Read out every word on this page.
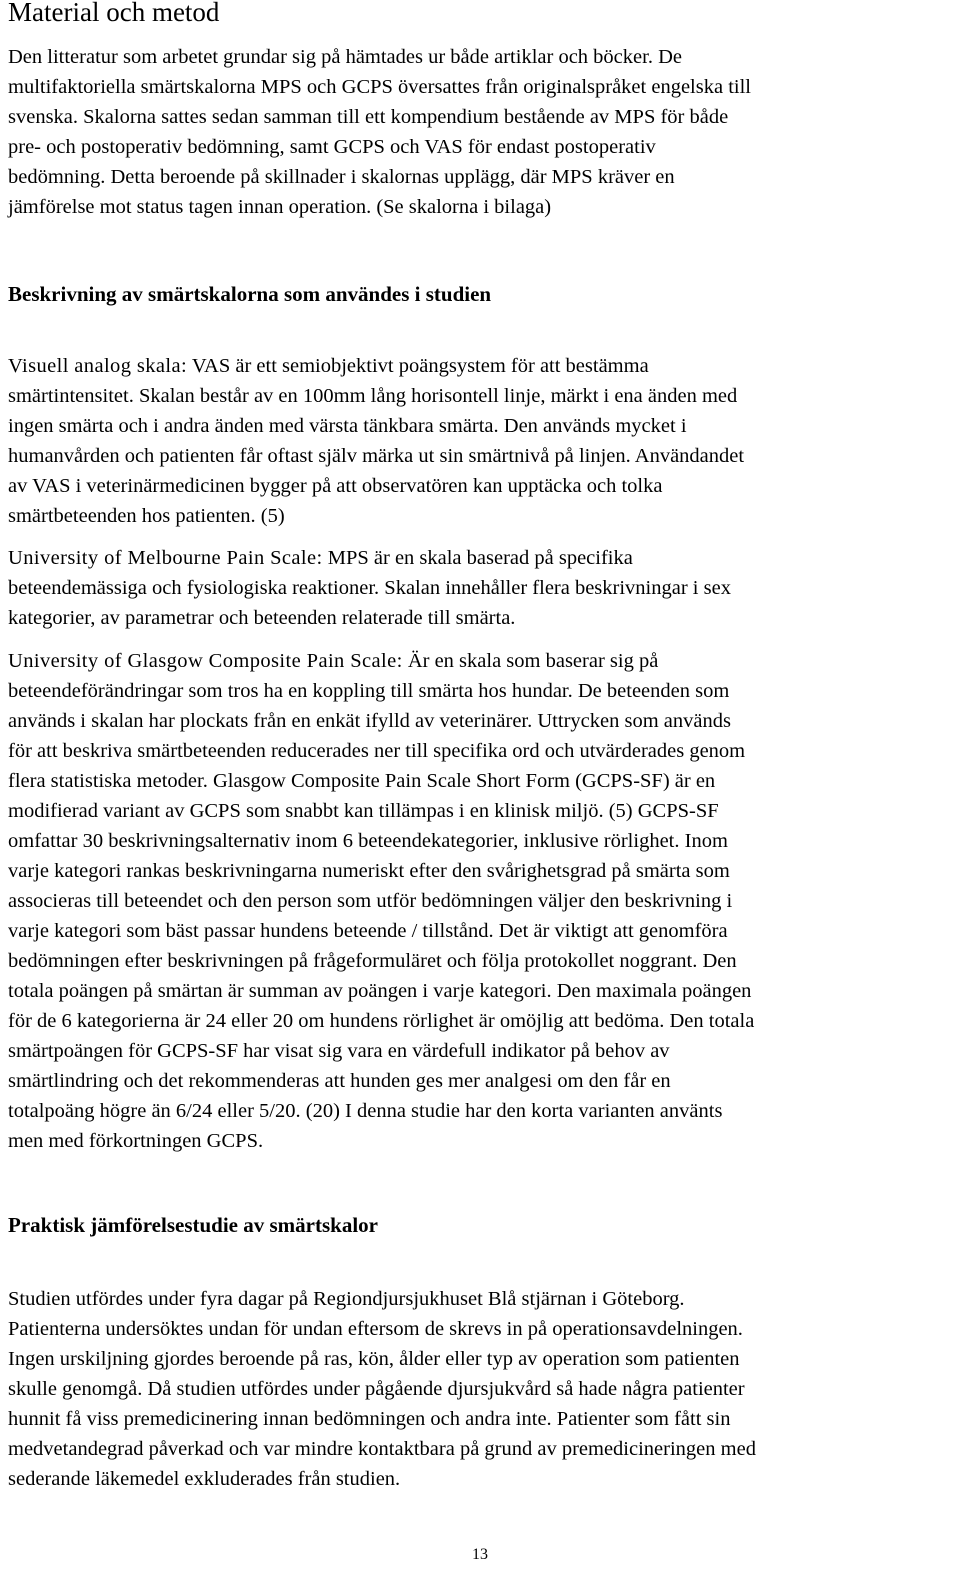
Material och metod

Den litteratur som arbetet grundar sig på hämtades ur både artiklar och böcker. De
multifaktoriella smärtskalorna MPS och GCPS översattes från originalspråket engelska till
svenska. Skalorna sattes sedan samman till ett kompendium bestående av MPS för både
pre- och postoperativ bedömning, samt GCPS och VAS för endast postoperativ
bedömning. Detta beroende på skillnader i skalornas upplägg, där MPS kräver en
jämförelse mot status tagen innan operation. (Se skalorna i bilaga)

Beskrivning av smärtskalorna som användes i studien

Visuell analog skala: VAS är ett semiobjektivt poängsystem för att bestämma
smärtintensitet. Skalan består av en 100mm lång horisontell linje, märkt i ena änden med
ingen smärta och i andra änden med värsta tänkbara smärta. Den används mycket i
humanvården och patienten får oftast själv märka ut sin smärtnivå på linjen. Användandet
av VAS i veterinärmedicinen bygger på att observatören kan upptäcka och tolka
smärtbeteenden hos patienten. (5)

University of Melbourne Pain Scale: MPS är en skala baserad på specifika
beteendemässiga och fysiologiska reaktioner. Skalan innehåller flera beskrivningar i sex
kategorier, av parametrar och beteenden relaterade till smärta.

University of Glasgow Composite Pain Scale: Är en skala som baserar sig på
beteendeförändringar som tros ha en koppling till smärta hos hundar. De beteenden som
används i skalan har plockats från en enkät ifylld av veterinärer. Uttrycken som används
för att beskriva smärtbeteenden reducerades ner till specifika ord och utvärderades genom
flera statistiska metoder. Glasgow Composite Pain Scale Short Form (GCPS-SF) är en
modifierad variant av GCPS som snabbt kan tillämpas i en klinisk miljö. (5) GCPS-SF
omfattar 30 beskrivningsalternativ inom 6 beteendekategorier, inklusive rörlighet. Inom
varje kategori rankas beskrivningarna numeriskt efter den svårighetsgrad på smärta som
associeras till beteendet och den person som utför bedömningen väljer den beskrivning i
varje kategori som bäst passar hundens beteende / tillstånd. Det är viktigt att genomföra
bedömningen efter beskrivningen på frågeformuläret och följa protokollet noggrant. Den
totala poängen på smärtan är summan av poängen i varje kategori. Den maximala poängen
för de 6 kategorierna är 24 eller 20 om hundens rörlighet är omöjlig att bedöma. Den totala
smärtpoängen för GCPS-SF har visat sig vara en värdefull indikator på behov av
smärtlindring och det rekommenderas att hunden ges mer analgesi om den får en
totalpoäng högre än 6/24 eller 5/20. (20) I denna studie har den korta varianten använts
men med förkortningen GCPS.

Praktisk jämförelsestudie av smärtskalor

Studien utfördes under fyra dagar på Regiondjursjukhuset Blå stjärnan i Göteborg.
Patienterna undersöktes undan för undan eftersom de skrevs in på operationsavdelningen.
Ingen urskiljning gjordes beroende på ras, kön, ålder eller typ av operation som patienten
skulle genomgå. Då studien utfördes under pågående djursjukvård så hade några patienter
hunnit få viss premedicinering innan bedömningen och andra inte. Patienter som fått sin
medvetandegrad påverkad och var mindre kontaktbara på grund av premedicineringen med
sederande läkemedel exkluderades från studien.

13
